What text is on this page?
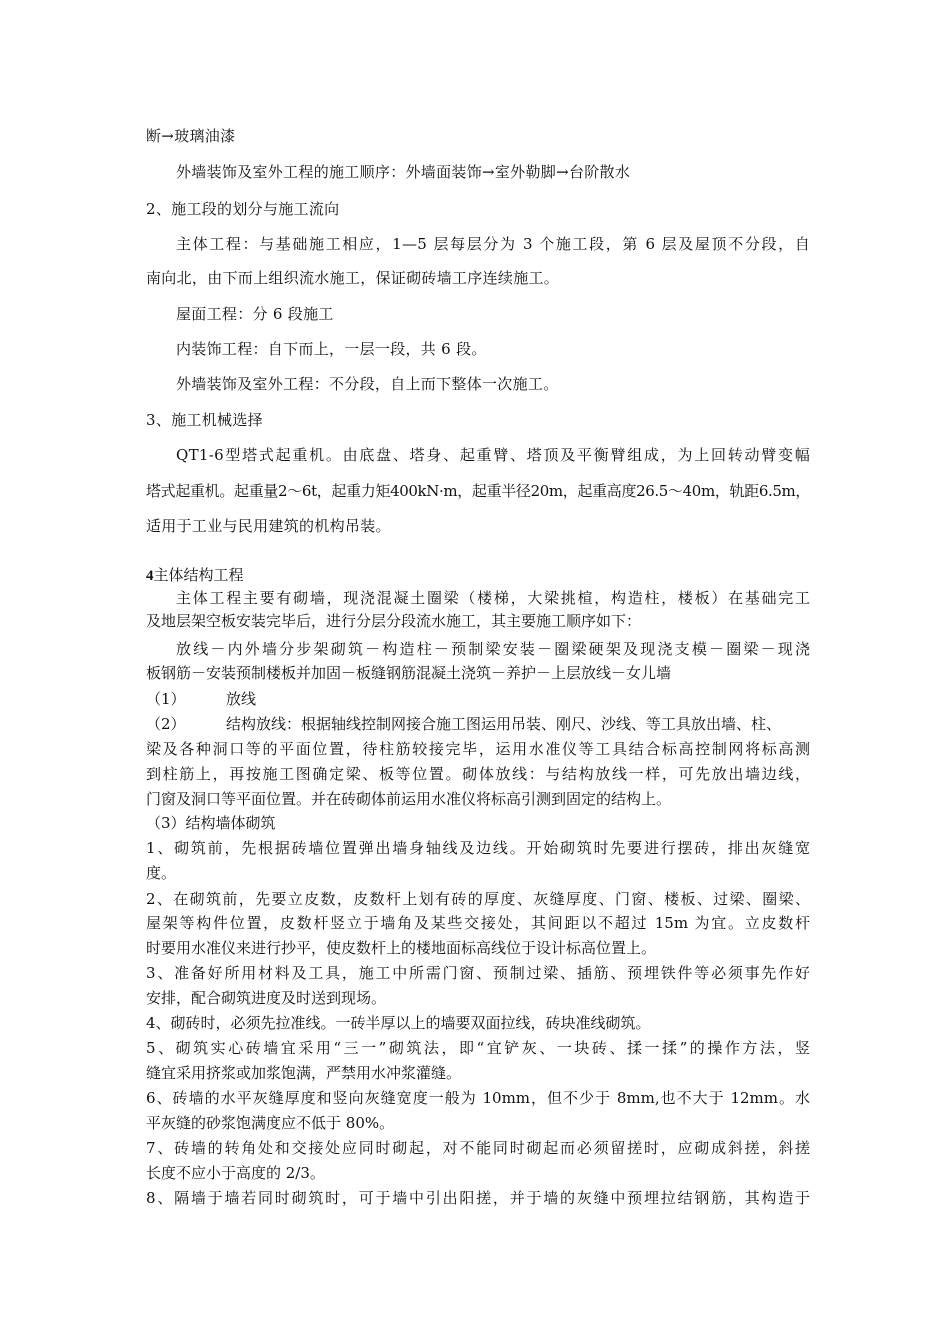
断→玻璃油漆
外墙装饰及室外工程的施工顺序：外墙面装饰→室外勒脚→台阶散水
2、施工段的划分与施工流向
主体工程：与基础施工相应，1—5 层每层分为 3 个施工段，第 6 层及屋顶不分段，自
南向北，由下而上组织流水施工，保证砌砖墙工序连续施工。
屋面工程：分 6 段施工
内装饰工程：自下而上，一层一段，共 6 段。
外墙装饰及室外工程：不分段，自上而下整体一次施工。
3、施工机械选择
QT1-6型塔式起重机。由底盘、塔身、起重臂、塔顶及平衡臂组成，为上回转动臂变幅
塔式起重机。起重量2～6t，起重力矩400kN·m，起重半径20m，起重高度26.5～40m，轨距6.5m，
适用于工业与民用建筑的机构吊装。
4主体结构工程
主体工程主要有砌墙，现浇混凝土圈梁（楼梯，大梁挑楦，构造柱，楼板）在基础完工
及地层架空板安装完毕后，进行分层分段流水施工，其主要施工顺序如下：
放线－内外墙分步架砌筑－构造柱－预制梁安装－圈梁硬架及现浇支模－圈梁－现浇
板钢筋－安装预制楼板并加固－板缝钢筋混凝土浇筑－养护－上层放线－女儿墙
（1）	放线
（2）	结构放线：根据轴线控制网接合施工图运用吊装、刚尺、沙线、等工具放出墙、柱、
梁及各种洞口等的平面位置，待柱筋较接完毕，运用水准仪等工具结合标高控制网将标高测
到柱筋上，再按施工图确定梁、板等位置。砌体放线：与结构放线一样，可先放出墙边线，
门窗及洞口等平面位置。并在砖砌体前运用水准仪将标高引测到固定的结构上。
（3）结构墙体砌筑
1、砌筑前，先根据砖墙位置弹出墙身轴线及边线。开始砌筑时先要进行摆砖，排出灰缝宽
度。
2、在砌筑前，先要立皮数，皮数杆上划有砖的厚度、灰缝厚度、门窗、楼板、过梁、圈梁、
屋架等构件位置，皮数杆竖立于墙角及某些交接处，其间距以不超过 15m 为宜。立皮数杆
时要用水准仪来进行抄平，使皮数杆上的楼地面标高线位于设计标高位置上。
3、准备好所用材料及工具，施工中所需门窗、预制过梁、插筋、预埋铁件等必须事先作好
安排，配合砌筑进度及时送到现场。
4、砌砖时，必须先拉准线。一砖半厚以上的墙要双面拉线，砖块准线砌筑。
5、砌筑实心砖墙宜采用“三一”砌筑法，即“宜铲灰、一块砖、揉一揉”的操作方法，竖
缝宜采用挤浆或加浆饱满，严禁用水冲浆灌缝。
6、砖墙的水平灰缝厚度和竖向灰缝宽度一般为 10mm，但不少于 8mm,也不大于 12mm。水
平灰缝的砂浆饱满度应不低于 80%。
7、砖墙的转角处和交接处应同时砌起，对不能同时砌起而必须留搓时，应砌成斜搓，斜搓
长度不应小于高度的 2/3。
8、隔墙于墙若同时砌筑时，可于墙中引出阳搓，并于墙的灰缝中预埋拉结钢筋，其构造于
